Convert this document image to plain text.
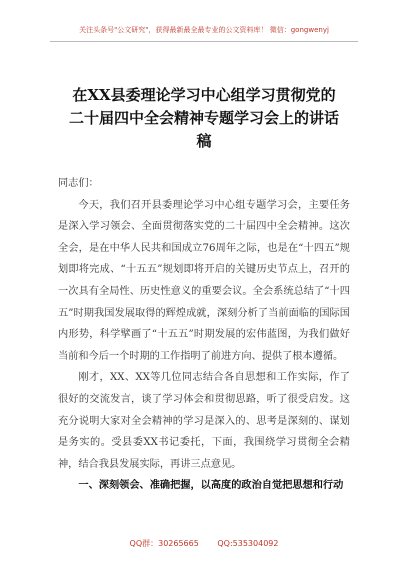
关注头条号"公文研究"，获得最新最全最专业的公文资料库！ 微信：gongwenyj
在XX县委理论学习中心组学习贯彻党的
二十届四中全会精神专题学习会上的讲话
稿

同志们：

今天，我们召开县委理论学习中心组专题学习会，主要任务是深入学习领会、全面贯彻落实党的二十届四中全会精神。这次全会，是在中华人民共和国成立76周年之际，也是在“十四五”规划即将完成、“十五五”规划即将开启的关键历史节点上，召开的一次具有全局性、历史性意义的重要会议。全会系统总结了“十四五”时期我国发展取得的辉煌成就，深刻分析了当前面临的国际国内形势，科学擘画了“十五五”时期发展的宏伟蓝图，为我们做好当前和今后一个时期的工作指明了前进方向、提供了根本遵循。

刚才，XX、XX等几位同志结合各自思想和工作实际，作了很好的交流发言，谈了学习体会和贯彻思路，听了很受启发。这充分说明大家对全会精神的学习是深入的、思考是深刻的、谋划是务实的。受县委XX书记委托，下面，我围绕学习贯彻全会精神，结合我县发展实际，再讲三点意见。

一、深刻领会、准确把握，以高度的政治自觉把思想和行动

QQ群：30265665 QQ:535304092
